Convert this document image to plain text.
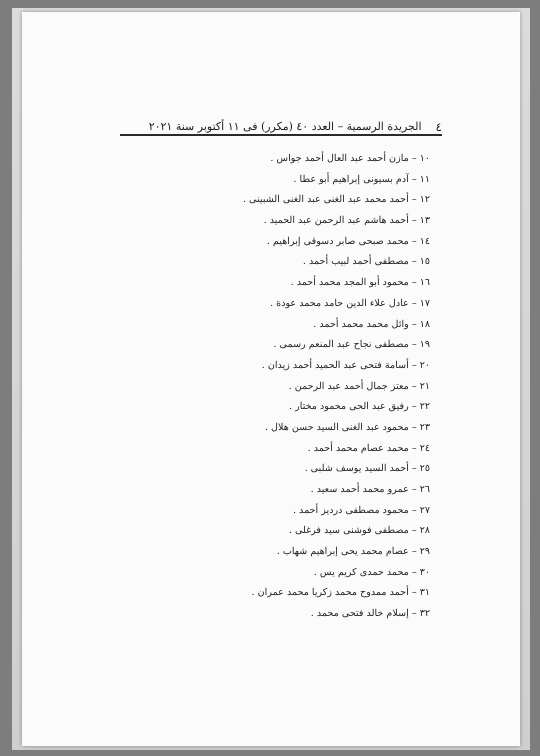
٤
الجريدة الرسمية – العدد ٤٠ (مكرر) فى ١١ أكتوبر سنة ٢٠٢١
١٠ – مازن أحمد عبد العال أحمد جواس .
١١ – آدم بسيونى إبراهيم أبو عطا .
١٢ – أحمد محمد عبد الغنى عبد الغنى الشبينى .
١٣ – أحمد هاشم عبد الرحمن عبد الحميد .
١٤ – محمد صبحى صابر دسوقى إبراهيم .
١٥ – مصطفى أحمد لبيب أحمد .
١٦ – محمود أبو المجد محمد أحمد .
١٧ – عادل علاء الدين حامد محمد عودة .
١٨ – وائل محمد محمد أحمد .
١٩ – مصطفى نجاح عبد المنعم رسمى .
٢٠ – أسامة فتحى عبد الحميد أحمد زيدان .
٢١ – معتز جمال أحمد عبد الرحمن .
٢٢ – رفيق عبد الحى محمود مختار .
٢٣ – محمود عبد الغنى السيد حسن هلال .
٢٤ – محمد عصام محمد أحمد .
٢٥ – أحمد السيد يوسف شلبى .
٢٦ – عمرو محمد أحمد سعيد .
٢٧ – محمود مصطفى درديز أحمد .
٢٨ – مصطفى فوشنى سيد فرغلى .
٢٩ – عصام محمد يحى إبراهيم شهاب .
٣٠ – محمد حمدى كريم يس .
٣١ – أحمد ممدوح محمد زكريا محمد عمران .
٣٢ – إسلام خالد فتحى محمد .
